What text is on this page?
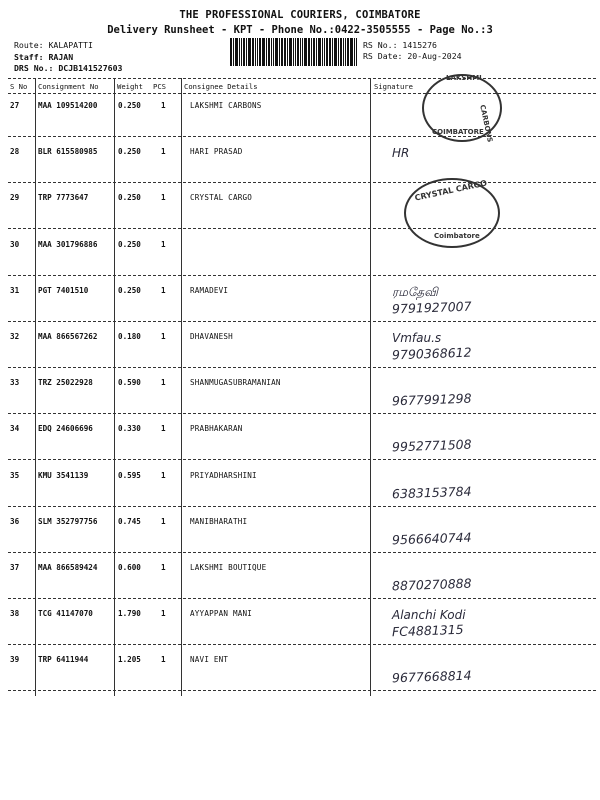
THE PROFESSIONAL COURIERS, COIMBATORE
Delivery Runsheet - KPT - Phone No.:0422-3505555 - Page No.:3
Route: KALAPATTI
Staff: RAJAN
DRS No.: DCJB141527603
RS No.: 1415276
RS Date: 20-Aug-2024
S No Consignment No	Weight PCS	Consignee Details	Signature
27 MAA 109514200	0.250	1	LAKSHMI CARBONS
28 BLR 615580985	0.250	1	HARI PRASAD	HR
29 TRP 7773647	0.250	1	CRYSTAL CARGO
30 MAA 301796886	0.250	1
31 PGT 7401510	0.250	1	RAMADEVI	ரமதேவி
9791927007
32 MAA 866567262	0.180	1	DHAVANESH	Vmfau.s
9790368612
33 TRZ 25022928	0.590	1	SHANMUGASUBRAMANIAN
9677991298
34 EDQ 24606696	0.330	1	PRABHAKARAN
9952771508
35 KMU 3541139	0.595	1	PRIYADHARSHINI
6383153784
36 SLM 352797756	0.745	1	MANIBHARATHI
9566640744
37 MAA 866589424	0.600	1	LAKSHMI BOUTIQUE
8870270888
38 TCG 41147070	1.790	1	AYYAPPAN MANI	Alanchi Kodi
FC4881315
39 TRP 6411944	1.205	1	NAVI ENT
9677668814
LAKSHMI
CARBONS
COIMBATORE
CRYSTAL CARGO
Coimbatore
